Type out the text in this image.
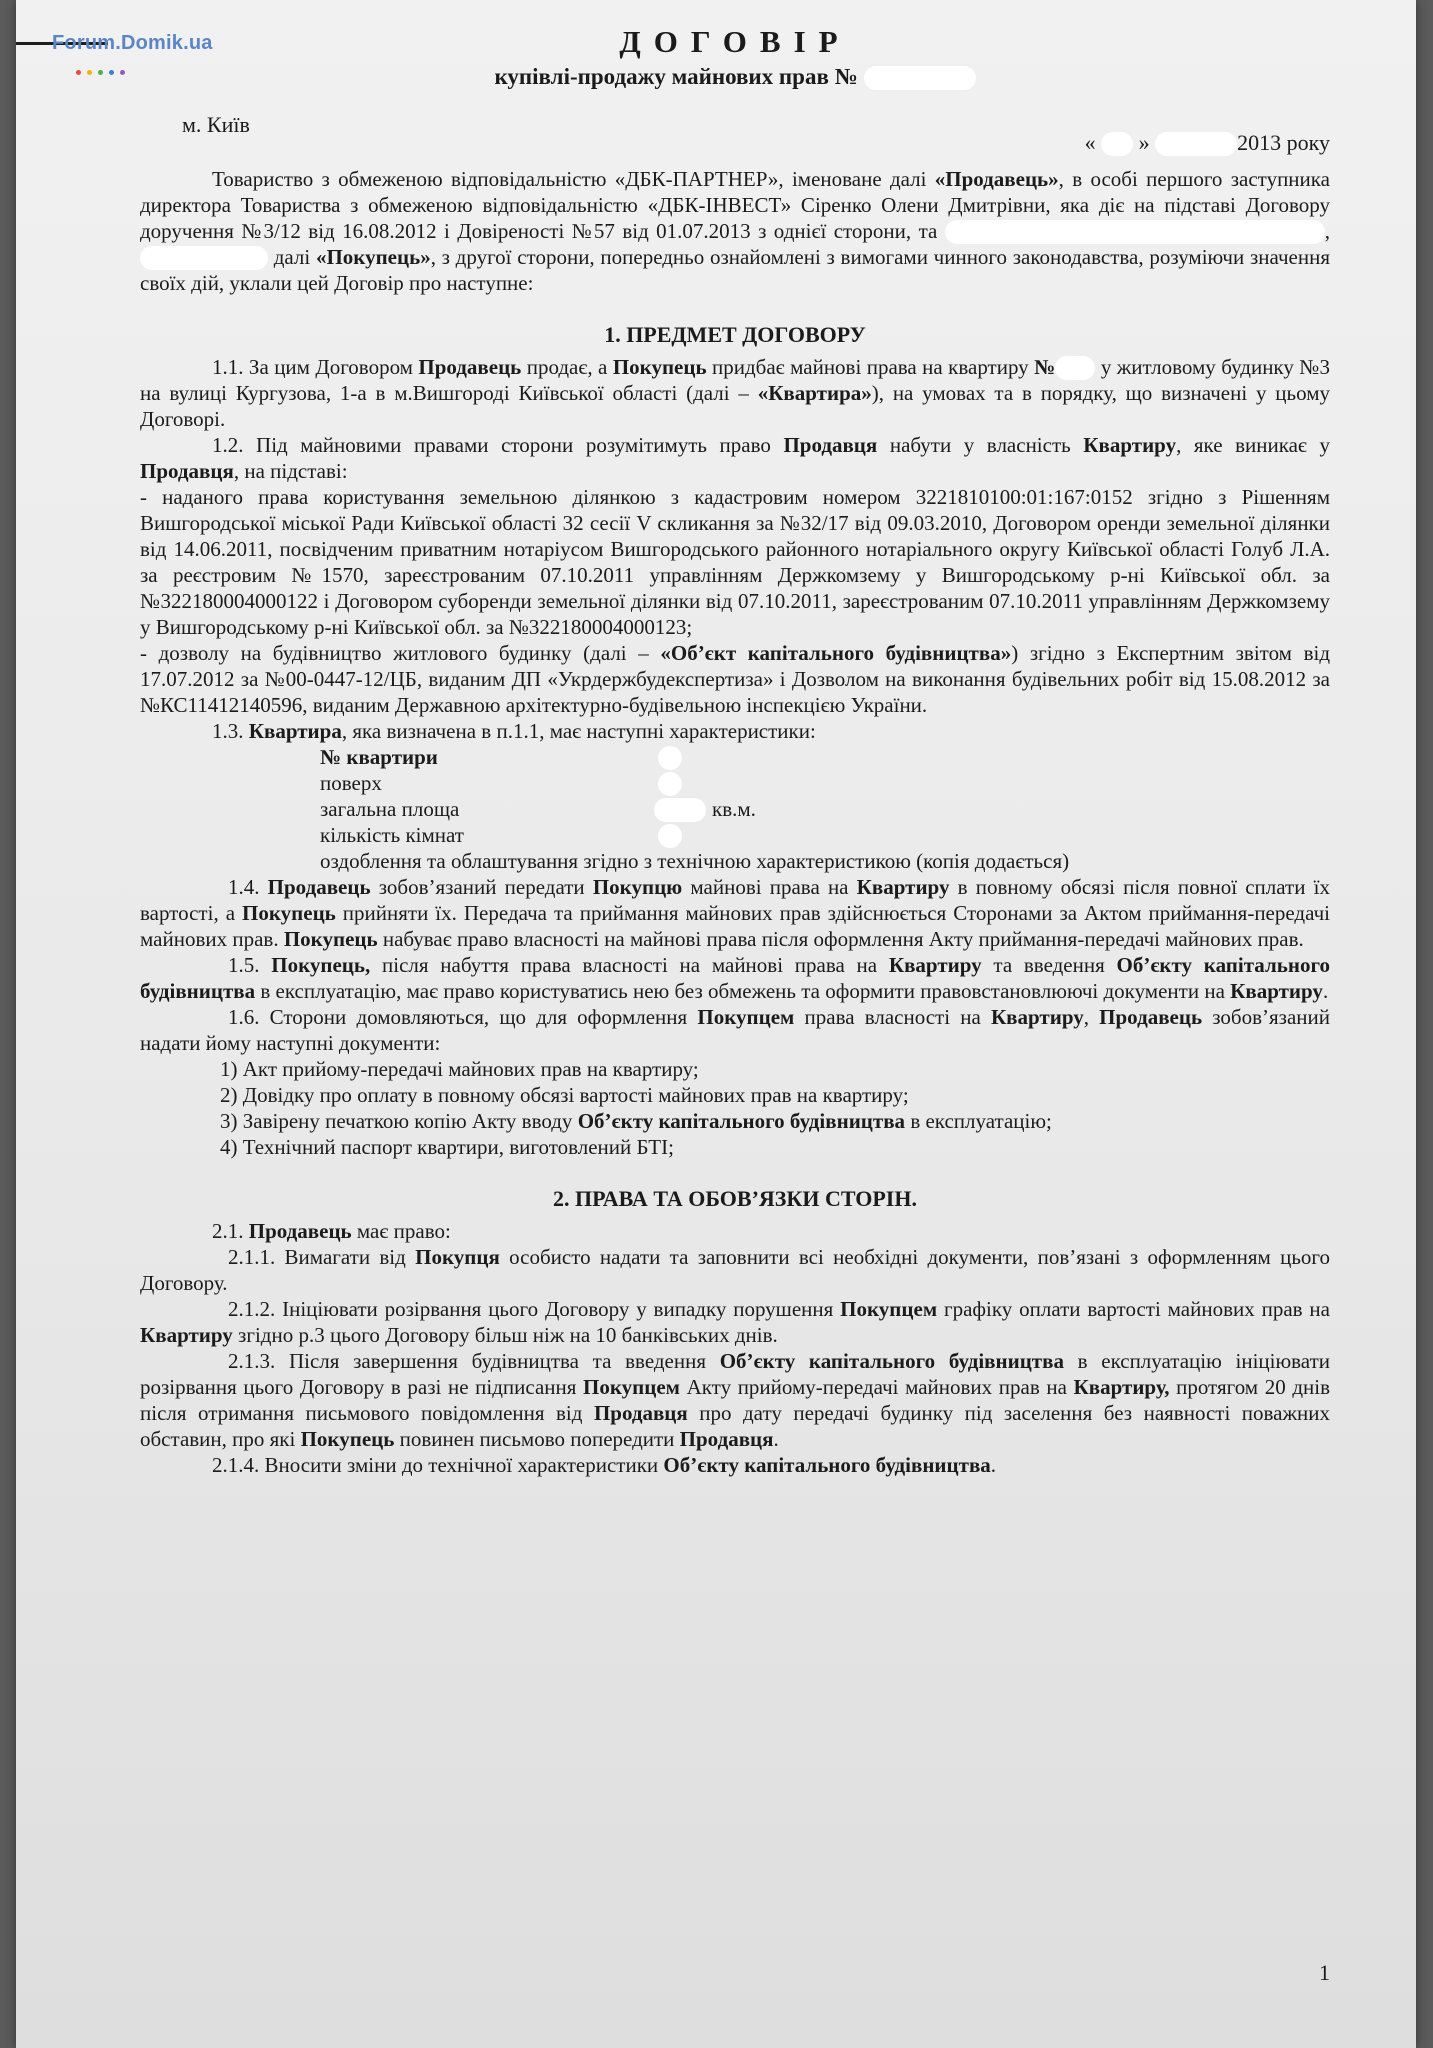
Forum.Domik.ua	ДОГОВІР
купівлі-продажу майнових прав №
м. Київ
« »	2013 року

Товариство з обмеженою відповідальністю «ДБК-ПАРТНЕР», іменоване далі «Продавець», в особі першого заступника директора Товариства з обмеженою відповідальністю «ДБК-ІНВЕСТ» Сіренко Олени Дмитрівни, яка діє на підставі Договору доручення №3/12 від 16.08.2012 і Довіреності №57 від 01.07.2013 з однієї сторони, та	,  далі «Покупець», з другої сторони, попередньо ознайомлені з вимогами чинного законодавства, розуміючи значення своїх дій, уклали цей Договір про наступне:

1. ПРЕДМЕТ ДОГОВОРУ

1.1. За цим Договором Продавець продає, а Покупець придбає майнові права на квартиру № у житловому будинку №3 на вулиці Кургузова, 1-а в м.Вишгороді Київської області (далі – «Квартира»), на умовах та в порядку, що визначені у цьому Договорі.

1.2. Під майновими правами сторони розумітимуть право Продавця набути у власність Квартиру, яке виникає у Продавця, на підставі:

- наданого права користування земельною ділянкою з кадастровим номером 3221810100:01:167:0152 згідно з Рішенням Вишгородської міської Ради Київської області 32 сесії V скликання за №32/17 від 09.03.2010, Договором оренди земельної ділянки від 14.06.2011, посвідченим приватним нотаріусом Вишгородського районного нотаріального округу Київської області Голуб Л.А. за реєстровим №1570, зареєстрованим 07.10.2011 управлінням Держкомзему у Вишгородському р-ні Київської обл. за №322180004000122 і Договором суборенди земельної ділянки від 07.10.2011, зареєстрованим 07.10.2011 управлінням Держкомзему у Вишгородському р-ні Київської обл. за №322180004000123;

- дозволу на будівництво житлового будинку (далі – «Об’єкт капітального будівництва») згідно з Експертним звітом від 17.07.2012 за №00-0447-12/ЦБ, виданим ДП «Укрдержбудекспертиза» і Дозволом на виконання будівельних робіт від 15.08.2012 за №КС11412140596, виданим Державною архітектурно-будівельною інспекцією України.

1.3. Квартира, яка визначена в п.1.1, має наступні характеристики:

№ квартири
поверх
загальна площа	кв.м.
кількість кімнат
оздоблення та облаштування згідно з технічною характеристикою (копія додається)

1.4. Продавець зобов’язаний передати Покупцю майнові права на Квартиру в повному обсязі після повної сплати їх вартості, а Покупець прийняти їх. Передача та приймання майнових прав здійснюється Сторонами за Актом приймання-передачі майнових прав. Покупець набуває право власності на майнові права після оформлення Акту приймання-передачі майнових прав.

1.5. Покупець, після набуття права власності на майнові права на Квартиру та введення Об’єкту капітального будівництва в експлуатацію, має право користуватись нею без обмежень та оформити правовстановлюючі документи на Квартиру.

1.6. Сторони домовляються, що для оформлення Покупцем права власності на Квартиру, Продавець зобов’язаний надати йому наступні документи:

1) Акт прийому-передачі майнових прав на квартиру;
2) Довідку про оплату в повному обсязі вартості майнових прав на квартиру;
3) Завірену печаткою копію Акту вводу Об’єкту капітального будівництва в експлуатацію;
4) Технічний паспорт квартири, виготовлений БТІ;
2. ПРАВА ТА ОБОВ’ЯЗКИ СТОРІН.

2.1. Продавець має право:

2.1.1. Вимагати від Покупця особисто надати та заповнити всі необхідні документи, пов’язані з оформленням цього Договору.

2.1.2. Ініціювати розірвання цього Договору у випадку порушення Покупцем графіку оплати вартості майнових прав на Квартиру згідно р.3 цього Договору більш ніж на 10 банківських днів.

2.1.3. Після завершення будівництва та введення Об’єкту капітального будівництва в експлуатацію ініціювати розірвання цього Договору в разі не підписання Покупцем Акту прийому-передачі майнових прав на Квартиру, протягом 20 днів після отримання письмового повідомлення від Продавця про дату передачі будинку під заселення без наявності поважних обставин, про які Покупець повинен письмово попередити Продавця.

2.1.4. Вносити зміни до технічної характеристики Об’єкту капітального будівництва.

1
